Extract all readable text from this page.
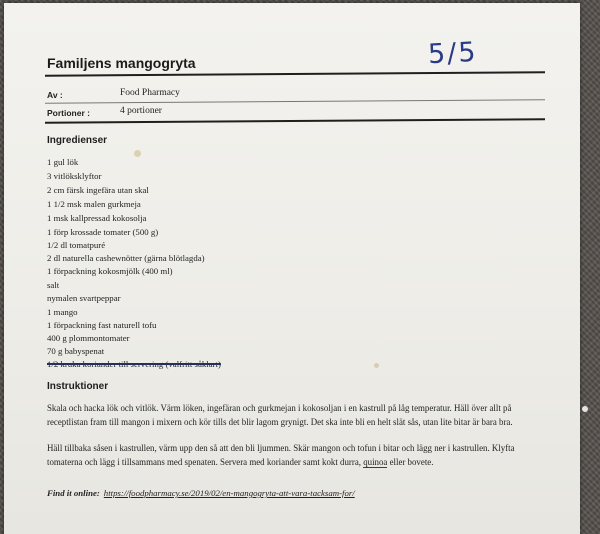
Familjens mangogryta	5/5
Av :	Food Pharmacy
Portioner :	4 portioner
Ingredienser
1 gul lök
3 vitlöksklyftor
2 cm färsk ingefära utan skal
1 1/2 msk malen gurkmeja
1 msk kallpressad kokosolja
1 förp krossade tomater (500 g)
1/2 dl tomatpuré
2 dl naturella cashewnötter (gärna blötlagda)
1 förpackning kokosmjölk (400 ml)
salt
nymalen svartpeppar
1 mango
1 förpackning fast naturell tofu
400 g plommontomater
70 g babyspenat
1/2 kruka koriander till servering (valfritt såklart)
Instruktioner
Skala och hacka lök och vitlök. Värm löken, ingefäran och gurkmejan i kokosoljan i en kastrull på låg temperatur. Häll över allt på
receptlistan fram till mangon i mixern och kör tills det blir lagom grynigt. Det ska inte bli en helt slät sås, utan lite bitar är bara bra.
Häll tillbaka såsen i kastrullen, värm upp den så att den bli ljummen. Skär mangon och tofun i bitar och lägg ner i kastrullen. Klyfta
tomaterna och lägg i tillsammans med spenaten. Servera med koriander samt kokt durra, quinoa eller bovete.
Find it online: https://foodpharmacy.se/2019/02/en-mangogryta-att-vara-tacksam-for/
